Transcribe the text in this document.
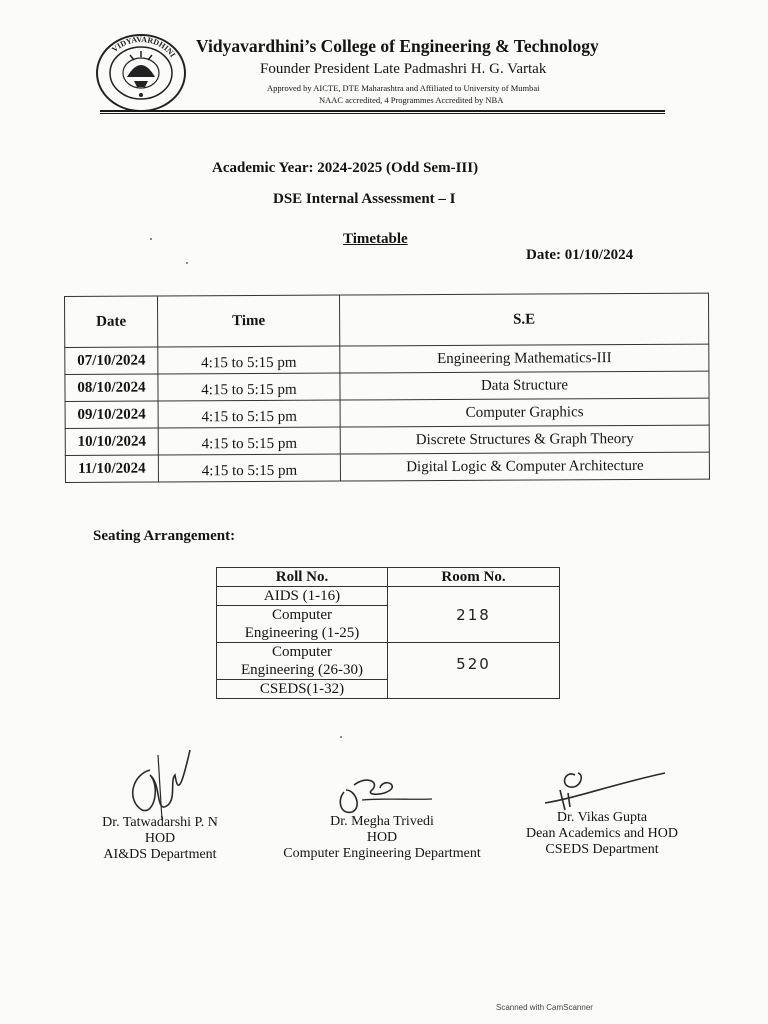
VIDYAVARDHINI Vidyavardhini’s College of Engineering & Technology
Founder President Late Padmashri H. G. Vartak
Approved by AICTE, DTE Maharashtra and Affiliated to University of Mumbai
NAAC accredited, 4 Programmes Accredited by NBA
Academic Year: 2024-2025 (Odd Sem-III)
DSE Internal Assessment – I
Timetable
Date: 01/10/2024
Date	Time	S.E
07/10/2024	4:15 to 5:15 pm	Engineering Mathematics-III
08/10/2024	4:15 to 5:15 pm	Data Structure
09/10/2024	4:15 to 5:15 pm	Computer Graphics
10/10/2024	4:15 to 5:15 pm	Discrete Structures & Graph Theory
11/10/2024	4:15 to 5:15 pm	Digital Logic & Computer Architecture
Seating Arrangement:
Roll No.	Room No.

AIDS (1-16)	218

Computer
Engineering (1-25)	

Computer
Engineering (26-30)	520

CSEDS(1-32)	
Dr. Tatwadarshi P. N
HOD
AI&DS Department
Dr. Megha Trivedi
HOD
Computer Engineering Department
Dr. Vikas Gupta
Dean Academics and HOD
CSEDS Department
Scanned with CamScanner
